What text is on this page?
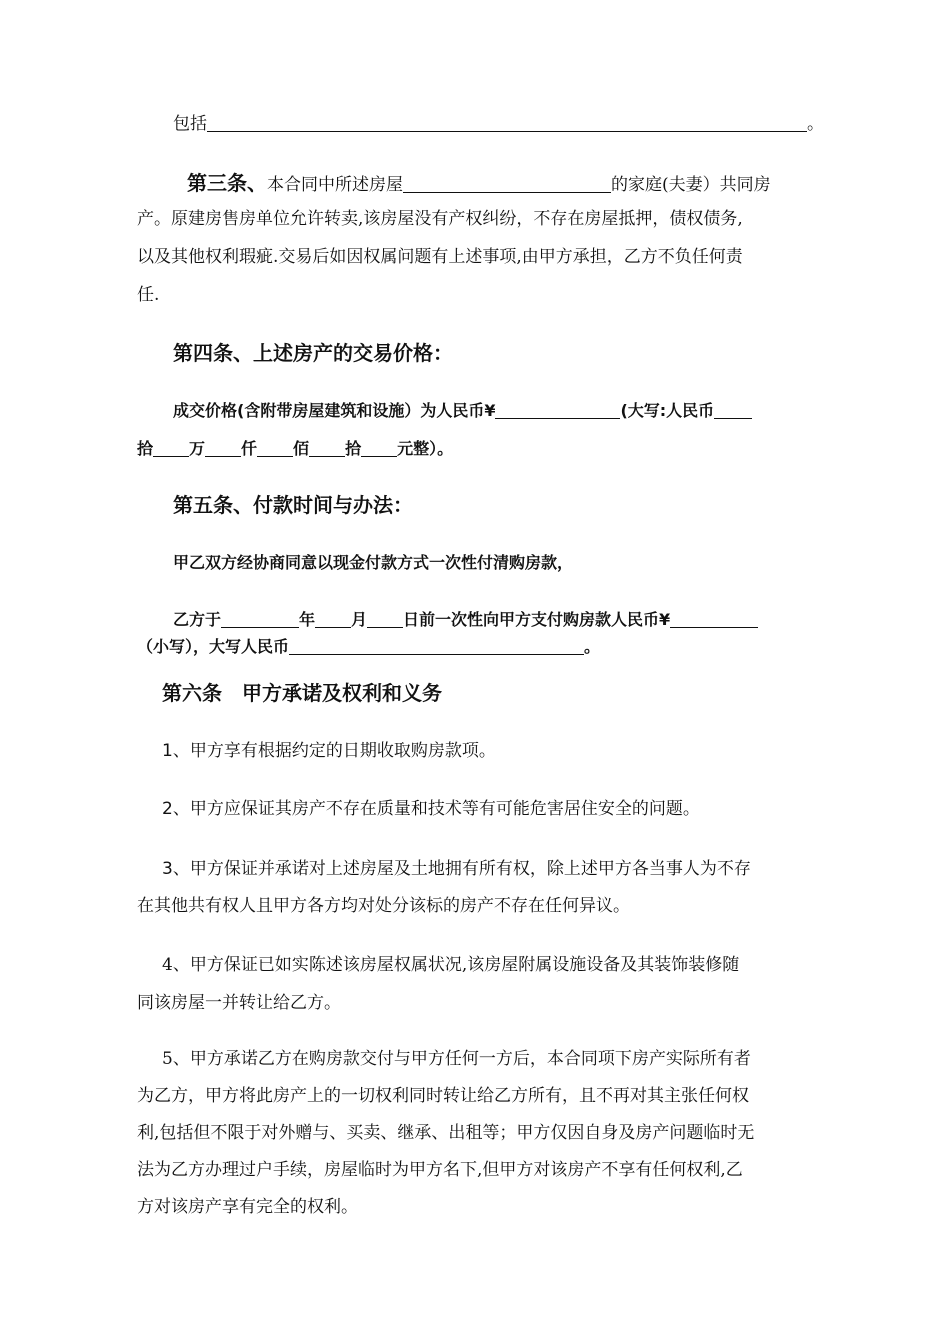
包括	。
第三条、本合同中所述房屋	的家庭(夫妻）共同房
产。原建房售房单位允许转卖,该房屋没有产权纠纷，不存在房屋抵押，债权债务,
以及其他权利瑕疵.交易后如因权属问题有上述事项,由甲方承担，乙方不负任何责
任.
第四条、上述房产的交易价格：
成交价格(含附带房屋建筑和设施）为人民币¥	(大写:人民币
拾 万 仟 佰 拾 元整）。
第五条、付款时间与办法：
甲乙双方经协商同意以现金付款方式一次性付清购房款，
乙方于	年 月 日前一次性向甲方支付购房款人民币¥
（小写），大写人民币	。
第六条　甲方承诺及权利和义务
1、甲方享有根据约定的日期收取购房款项。
2、甲方应保证其房产不存在质量和技术等有可能危害居住安全的问题。
3、甲方保证并承诺对上述房屋及土地拥有所有权，除上述甲方各当事人为不存
在其他共有权人且甲方各方均对处分该标的房产不存在任何异议。
4、甲方保证已如实陈述该房屋权属状况,该房屋附属设施设备及其装饰装修随
同该房屋一并转让给乙方。
5、甲方承诺乙方在购房款交付与甲方任何一方后，本合同项下房产实际所有者
为乙方，甲方将此房产上的一切权利同时转让给乙方所有，且不再对其主张任何权
利,包括但不限于对外赠与、买卖、继承、出租等；甲方仅因自身及房产问题临时无
法为乙方办理过户手续，房屋临时为甲方名下,但甲方对该房产不享有任何权利,乙
方对该房产享有完全的权利。
